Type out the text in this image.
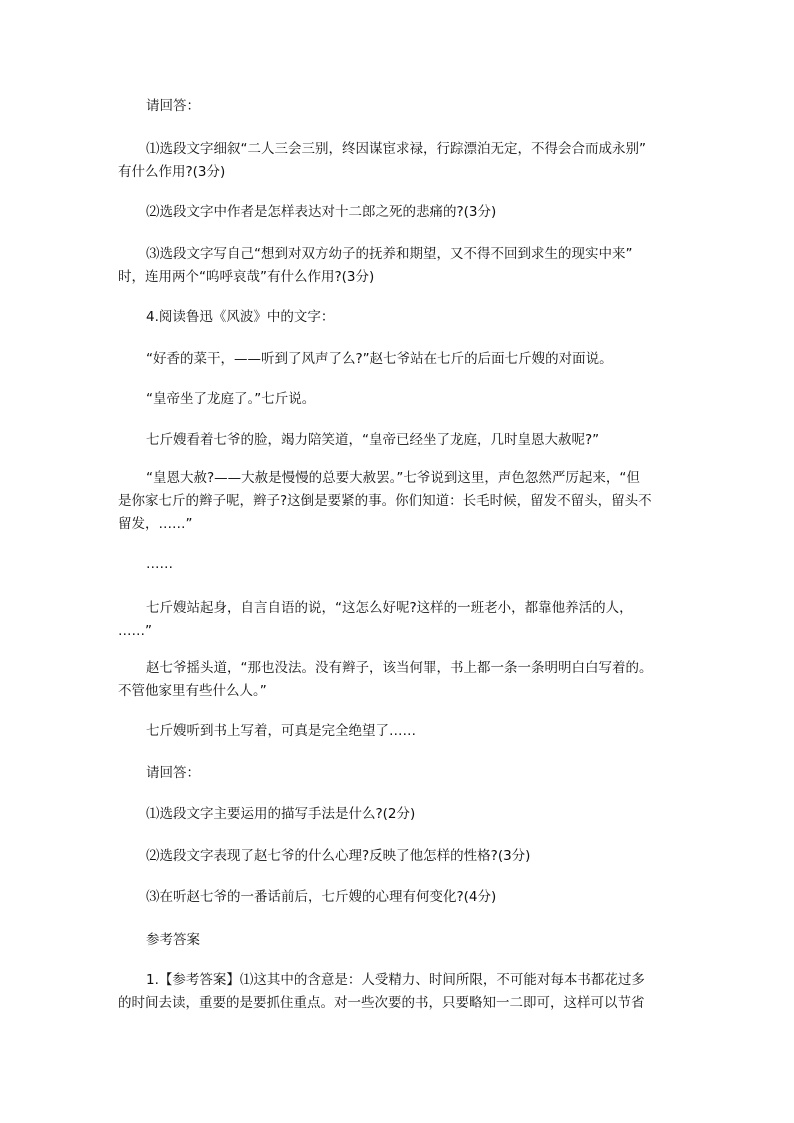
请回答：

⑴选段文字细叙“二人三会三别，终因谋宦求禄，行踪漂泊无定，不得会合而成永别”
有什么作用?(3分)

⑵选段文字中作者是怎样表达对十二郎之死的悲痛的?(3分)

⑶选段文字写自己“想到对双方幼子的抚养和期望，又不得不回到求生的现实中来”
时，连用两个“呜呼哀哉”有什么作用?(3分)

4.阅读鲁迅《风波》中的文字：

“好香的菜干，——听到了风声了么?”赵七爷站在七斤的后面七斤嫂的对面说。

“皇帝坐了龙庭了。”七斤说。

七斤嫂看着七爷的脸，竭力陪笑道，“皇帝已经坐了龙庭，几时皇恩大赦呢?”

“皇恩大赦?——大赦是慢慢的总要大赦罢。”七爷说到这里，声色忽然严厉起来，“但
是你家七斤的辫子呢，辫子?这倒是要紧的事。你们知道：长毛时候，留发不留头，留头不
留发，……”

……

七斤嫂站起身，自言自语的说，“这怎么好呢?这样的一班老小，都靠他养活的人，
……”

赵七爷摇头道，“那也没法。没有辫子，该当何罪，书上都一条一条明明白白写着的。
不管他家里有些什么人。”

七斤嫂听到书上写着，可真是完全绝望了……

请回答：

⑴选段文字主要运用的描写手法是什么?(2分)

⑵选段文字表现了赵七爷的什么心理?反映了他怎样的性格?(3分)

⑶在听赵七爷的一番话前后，七斤嫂的心理有何变化?(4分)

参考答案

1.【参考答案】⑴这其中的含意是：人受精力、时间所限，不可能对每本书都花过多
的时间去读，重要的是要抓住重点。对一些次要的书，只要略知一二即可，这样可以节省
